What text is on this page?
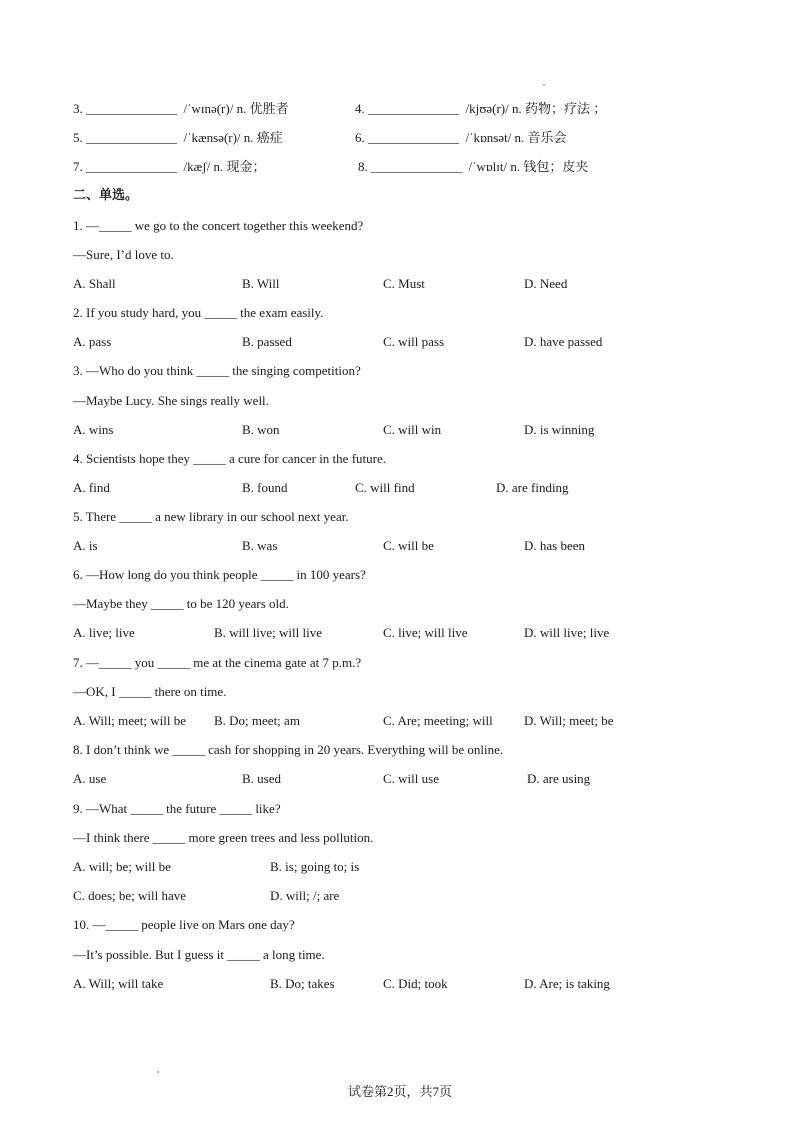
3. ______________ /ˈwɪnə(r)/ n. 优胜者	4. ______________ /kjʊə(r)/ n. 药物；疗法 ；
5. ______________ /ˈkænsə(r)/ n. 癌症	6. ______________ /ˈkɒnsət/ n. 音乐会
7. ______________ /kæʃ/ n. 现金；	8. ______________ /ˈwɒlɪt/ n. 钱包；皮夹
二、单选。
1. —_____ we go to the concert together this weekend?
—Sure, I’d love to.
A. Shall	B. Will	C. Must	D. Need
2. If you study hard, you _____ the exam easily.
A. pass	B. passed	C. will pass	D. have passed
3. —Who do you think _____ the singing competition?
—Maybe Lucy. She sings really well.
A. wins	B. won	C. will win	D. is winning
4. Scientists hope they _____ a cure for cancer in the future.
A. find	B. found	C. will find	D. are finding
5. There _____ a new library in our school next year.
A. is	B. was	C. will be	D. has been
6. —How long do you think people _____ in 100 years?
—Maybe they _____ to be 120 years old.
A. live; live	B. will live; will live	C. live; will live	D. will live; live
7. —_____ you _____ me at the cinema gate at 7 p.m.?
—OK, I _____ there on time.
A. Will; meet; will be B. Do; meet; am	C. Are; meeting; will D. Will; meet; be
8. I don’t think we _____ cash for shopping in 20 years. Everything will be online.
A. use	B. used	C. will use	D. are using
9. —What _____ the future _____ like?
—I think there _____ more green trees and less pollution.
A. will; be; will be	B. is; going to; is
C. does; be; will have	D. will; /; are
10. —_____ people live on Mars one day?
—It’s possible. But I guess it _____ a long time.
A. Will; will take	B. Do; takes	C. Did; took	D. Are; is taking
试卷第2页，共7页
